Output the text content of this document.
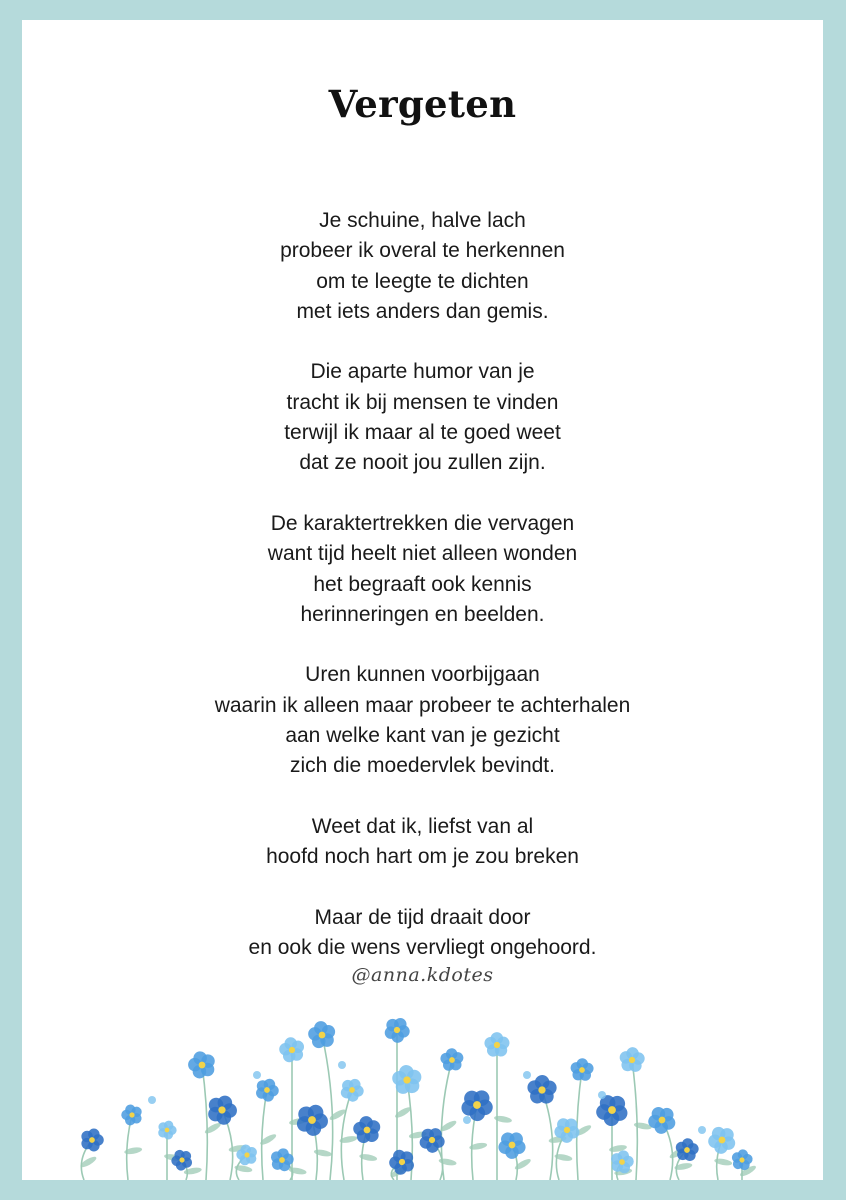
Vergeten

Je schuine, halve lach
probeer ik overal te herkennen
om te leegte te dichten
met iets anders dan gemis.

Die aparte humor van je
tracht ik bij mensen te vinden
terwijl ik maar al te goed weet
dat ze nooit jou zullen zijn.

De karaktertrekken die vervagen
want tijd heelt niet alleen wonden
het begraaft ook kennis
herinneringen en beelden.

Uren kunnen voorbijgaan
waarin ik alleen maar probeer te achterhalen
aan welke kant van je gezicht
zich die moedervlek bevindt.

Weet dat ik, liefst van al
hoofd noch hart om je zou breken

Maar de tijd draait door
en ook die wens vervliegt ongehoord.

@anna.kdotes
